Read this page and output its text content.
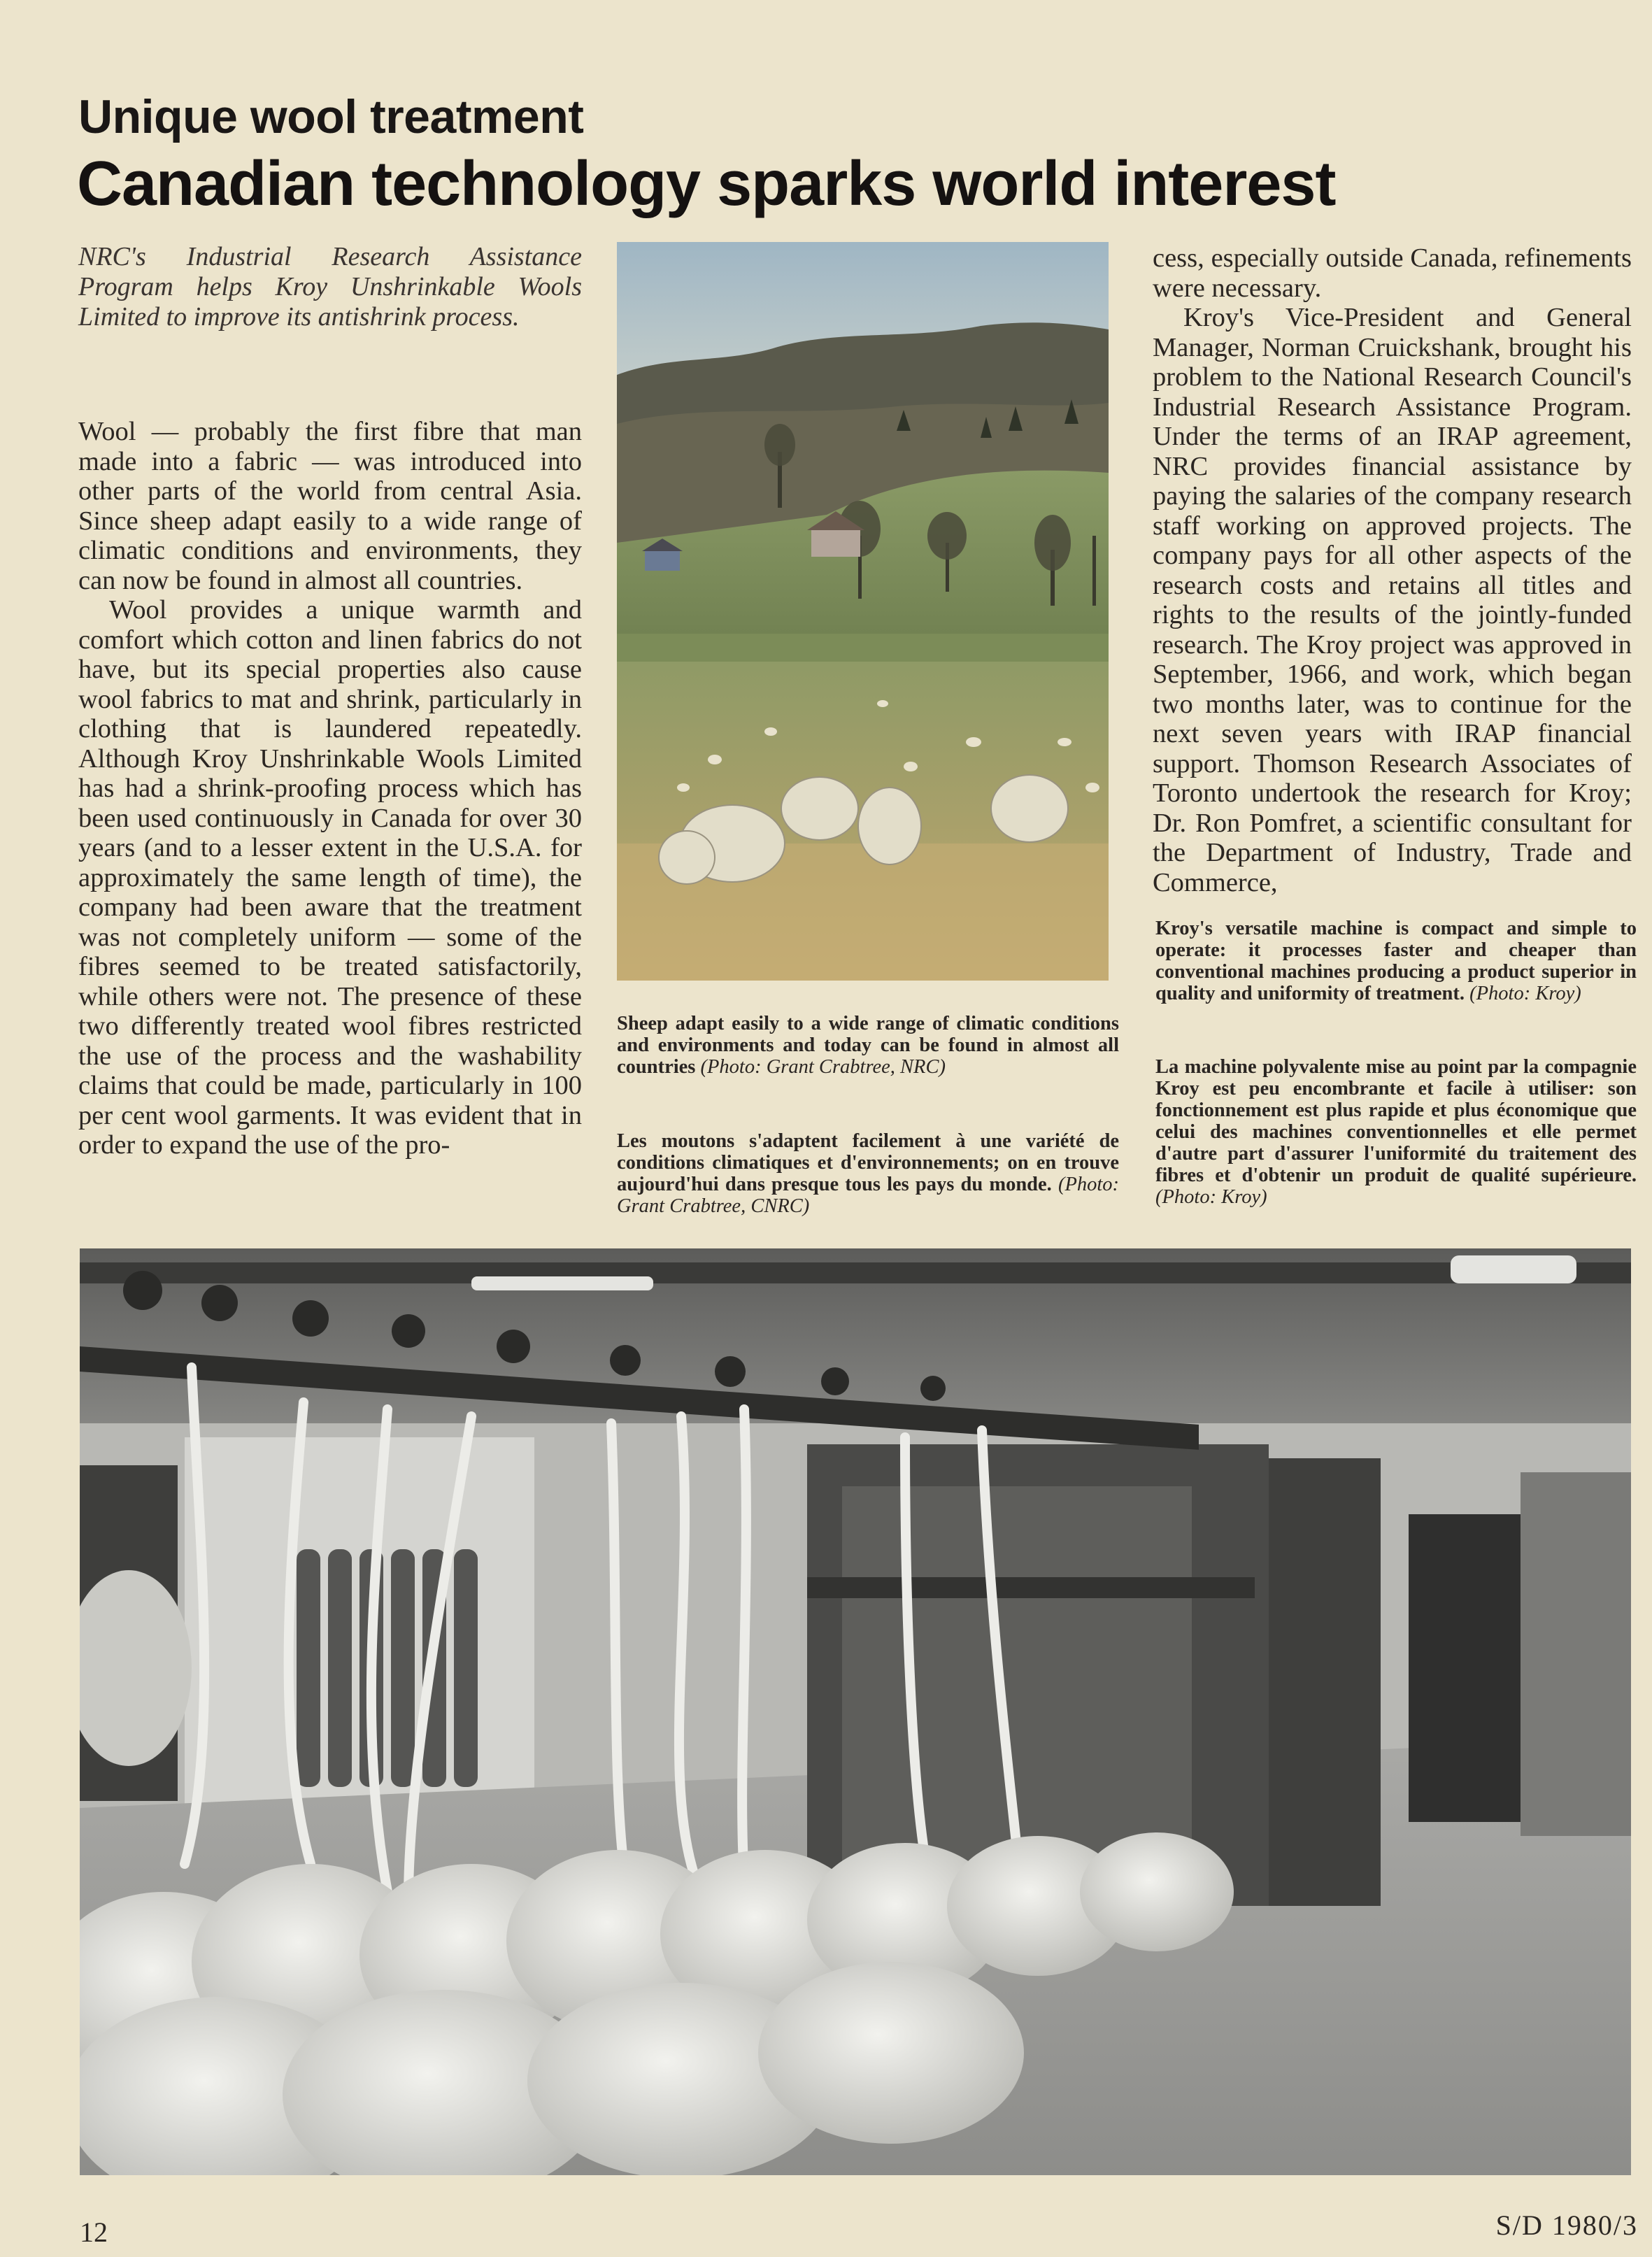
Unique wool treatment
Canadian technology sparks world interest
NRC's Industrial Research Assistance Program helps Kroy Unshrinkable Wools Limited to improve its antishrink process.

Wool — probably the first fibre that man made into a fabric — was introduced into other parts of the world from central Asia. Since sheep adapt easily to a wide range of climatic conditions and environments, they can now be found in almost all countries.

Wool provides a unique warmth and comfort which cotton and linen fabrics do not have, but its special properties also cause wool fabrics to mat and shrink, particularly in clothing that is laundered repeatedly. Although Kroy Unshrinkable Wools Limited has had a shrink-proofing process which has been used continuously in Canada for over 30 years (and to a lesser extent in the U.S.A. for approximately the same length of time), the company had been aware that the treatment was not completely uniform — some of the fibres seemed to be treated satisfactorily, while others were not. The presence of these two differently treated wool fibres restricted the use of the process and the washability claims that could be made, particularly in 100 per cent wool garments. It was evident that in order to expand the use of the pro-

Sheep adapt easily to a wide range of climatic conditions and environments and today can be found in almost all countries (Photo: Grant Crabtree, NRC)
Les moutons s'adaptent facilement à une variété de conditions climatiques et d'environnements; on en trouve aujourd'hui dans presque tous les pays du monde. (Photo: Grant Crabtree, CNRC)

cess, especially outside Canada, refinements were necessary.

Kroy's Vice-President and General Manager, Norman Cruickshank, brought his problem to the National Research Council's Industrial Research Assistance Program. Under the terms of an IRAP agreement, NRC provides financial assistance by paying the salaries of the company research staff working on approved projects. The company pays for all other aspects of the research costs and retains all titles and rights to the results of the jointly-funded research. The Kroy project was approved in September, 1966, and work, which began two months later, was to continue for the next seven years with IRAP financial support. Thomson Research Associates of Toronto undertook the research for Kroy; Dr. Ron Pomfret, a scientific consultant for the Department of Industry, Trade and Commerce,

Kroy's versatile machine is compact and simple to operate: it processes faster and cheaper than conventional machines producing a product superior in quality and uniformity of treatment. (Photo: Kroy)
La machine polyvalente mise au point par la compagnie Kroy est peu encombrante et facile à utiliser: son fonctionnement est plus rapide et plus économique que celui des machines conventionnelles et elle permet d'autre part d'assurer l'uniformité du traitement des fibres et d'obtenir un produit de qualité supérieure. (Photo: Kroy)
12	S/D 1980/3
